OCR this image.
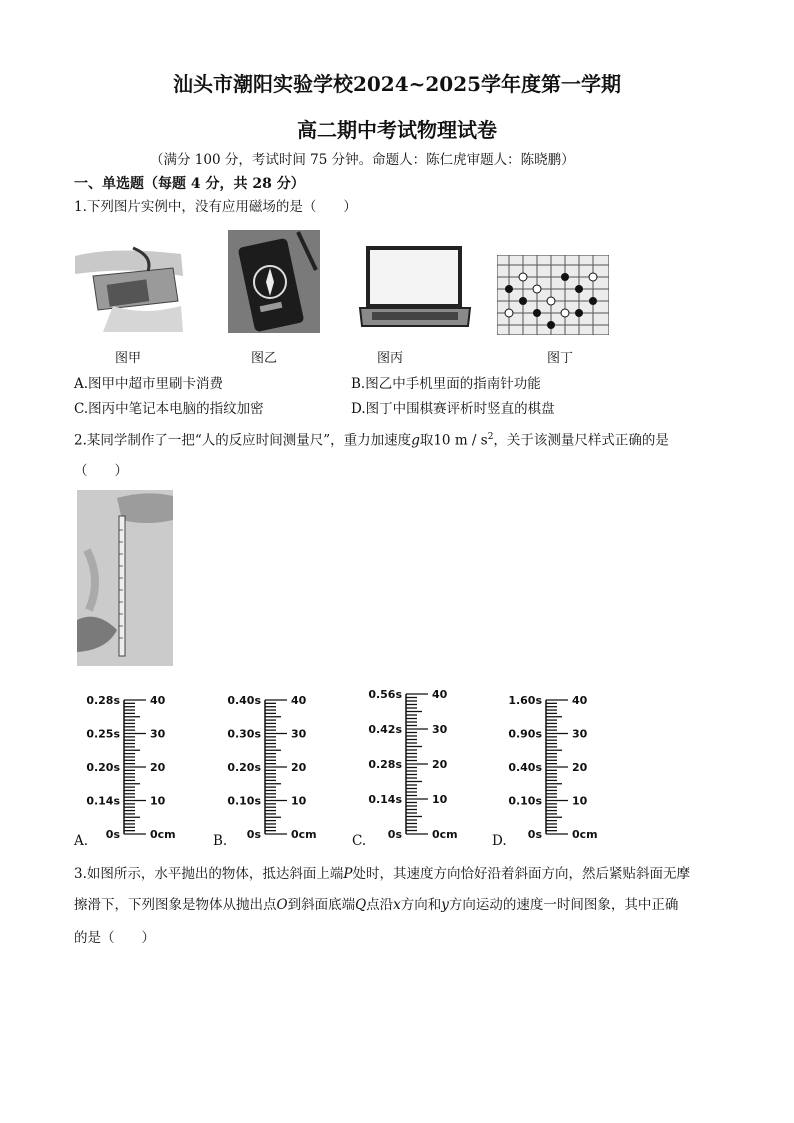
汕头市潮阳实验学校2024~2025学年度第一学期
高二期中考试物理试卷
（满分 100 分，考试时间 75 分钟。命题人：陈仁虎审题人：陈晓鹏）
一、单选题（每题 4 分，共 28 分）
1.下列图片实例中，没有应用磁场的是（　　）
图甲	图乙	图丙	图丁
A.图甲中超市里刷卡消费	B.图乙中手机里面的指南针功能
C.图丙中笔记本电脑的指纹加密	D.图丁中围棋赛评析时竖直的棋盘
2.某同学制作了一把“人的反应时间测量尺”，重力加速度g取10 m / $s^2$，关于该测量尺样式正确的是
（　　）
0.28s
0.25s
0.20s
0.14s
0s
40
30
20
10
0cm
A.
0.40s
0.30s
0.20s
0.10s
0s
40
30
20
10
0cm
B.
0.56s
0.42s
0.28s
0.14s
0s
40
30
20
10
0cm
C.
1.60s
0.90s
0.40s
0.10s
0s
40
30
20
10
0cm
D.
3.如图所示，水平抛出的物体，抵达斜面上端P处时，其速度方向恰好沿着斜面方向，然后紧贴斜面无摩
擦滑下，下列图象是物体从抛出点O到斜面底端Q点沿x方向和y方向运动的速度一时间图象，其中正确
的是（　　）
